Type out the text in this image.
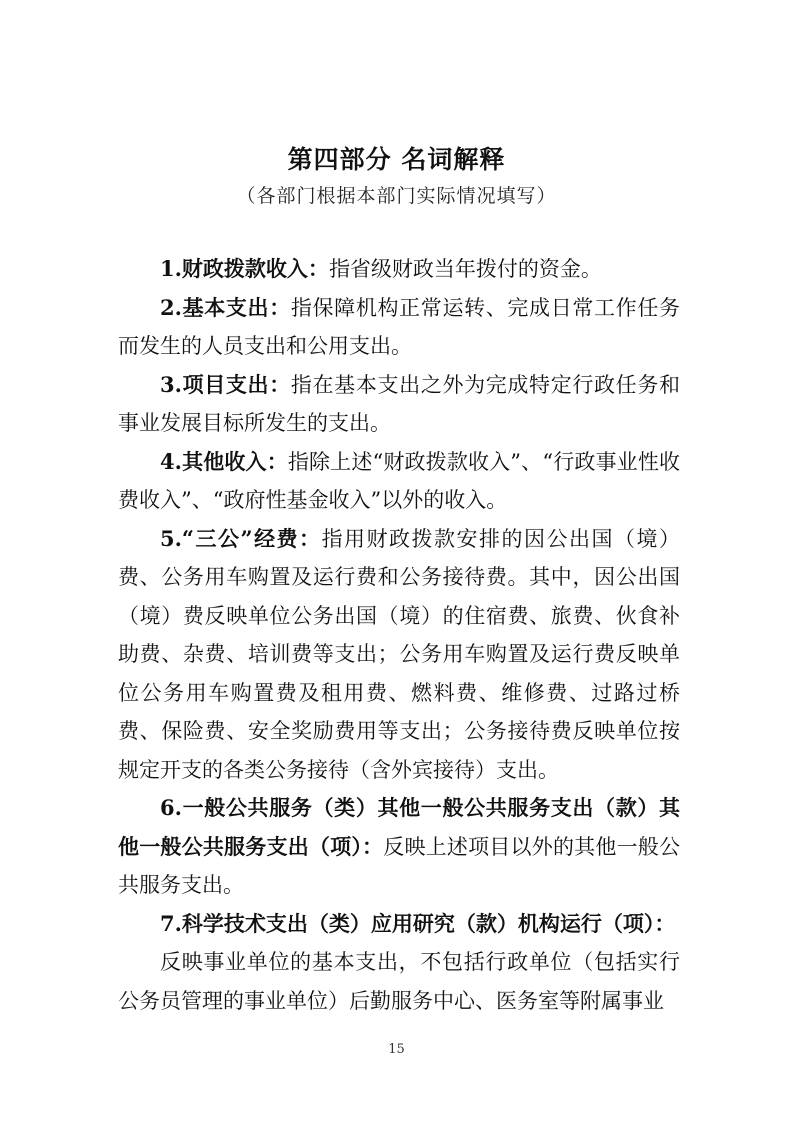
第四部分 名词解释
（各部门根据本部门实际情况填写）

1.财政拨款收入：指省级财政当年拨付的资金。

2.基本支出：指保障机构正常运转、完成日常工作任务而发生的人员支出和公用支出。

3.项目支出：指在基本支出之外为完成特定行政任务和事业发展目标所发生的支出。

4.其他收入：指除上述“财政拨款收入”、“行政事业性收费收入”、“政府性基金收入”以外的收入。

5.“三公”经费：指用财政拨款安排的因公出国（境）费、公务用车购置及运行费和公务接待费。其中，因公出国（境）费反映单位公务出国（境）的住宿费、旅费、伙食补助费、杂费、培训费等支出；公务用车购置及运行费反映单位公务用车购置费及租用费、燃料费、维修费、过路过桥费、保险费、安全奖励费用等支出；公务接待费反映单位按规定开支的各类公务接待（含外宾接待）支出。

6.一般公共服务（类）其他一般公共服务支出（款）其他一般公共服务支出（项）：反映上述项目以外的其他一般公共服务支出。

7.科学技术支出（类）应用研究（款）机构运行（项）：

反映事业单位的基本支出，不包括行政单位（包括实行公务员管理的事业单位）后勤服务中心、医务室等附属事业

15
